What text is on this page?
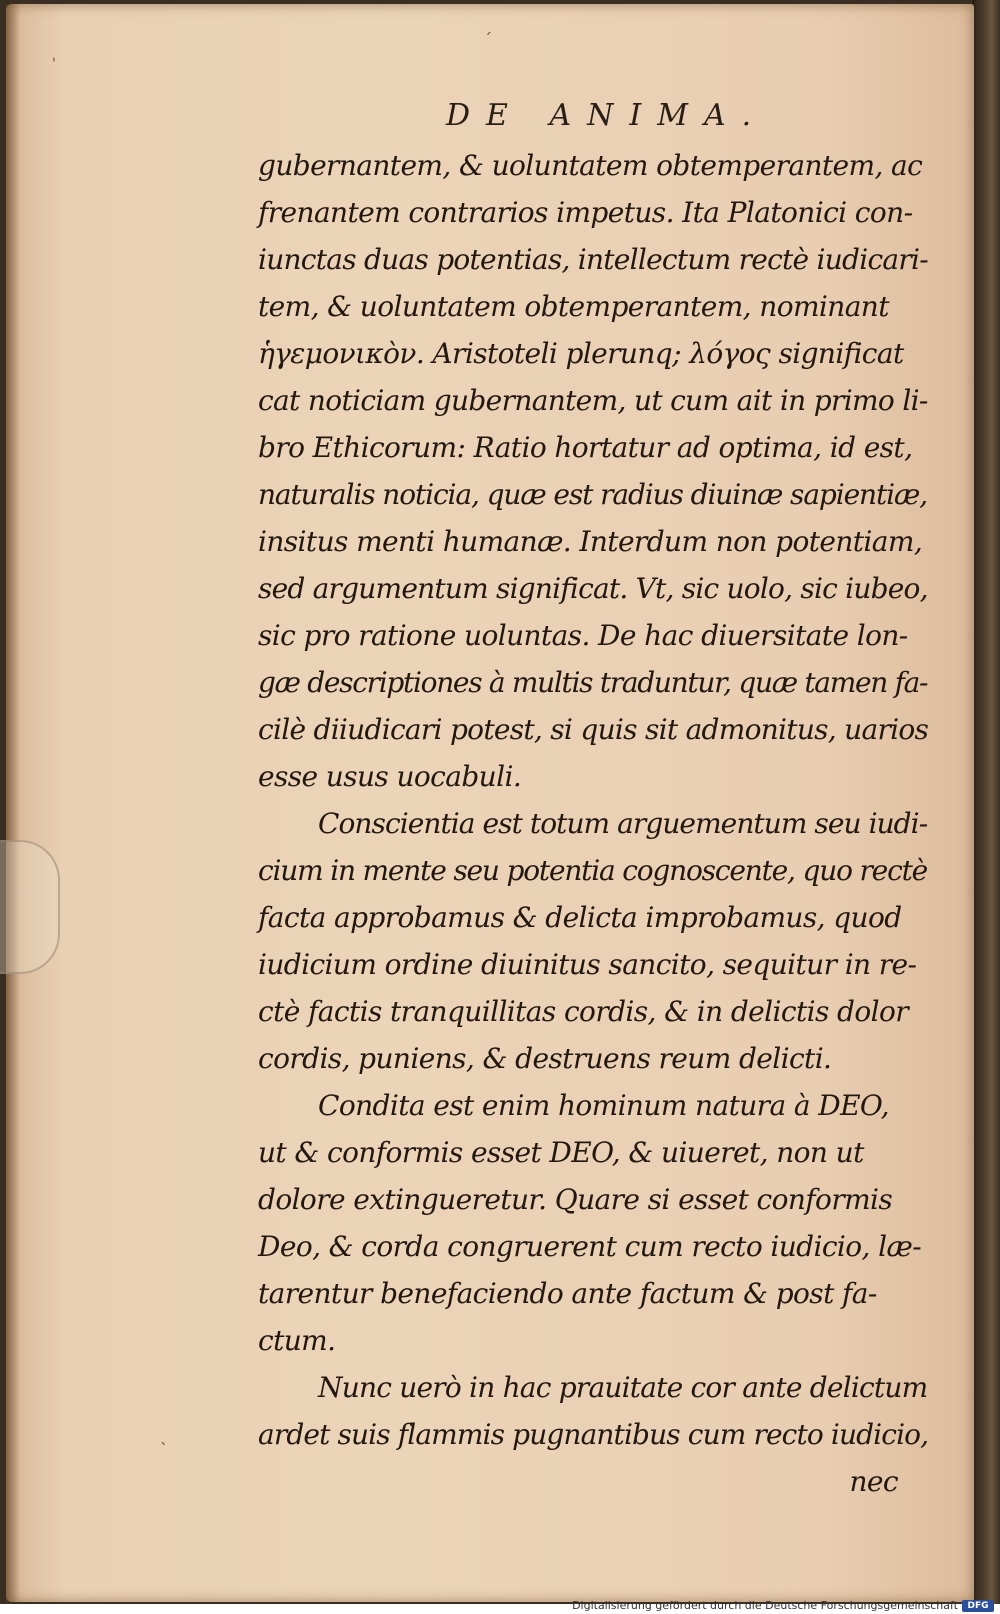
'
ˊ
ˋ
DE ANIMA.
gubernantem, & uoluntatem obtemperantem, ac
frenantem contrarios impetus. Ita Platonici con-
iunctas duas potentias, intellectum rectè iudicari-
tem, & uoluntatem obtemperantem, nominant
ἡγεμονικὸν. Aristoteli plerunq; λόγος significat
cat noticiam gubernantem, ut cum ait in primo li-
bro Ethicorum: Ratio hortatur ad optima, id est,
naturalis noticia, quæ est radius diuinæ sapientiæ,
insitus menti humanæ. Interdum non potentiam,
sed argumentum significat. Vt, sic uolo, sic iubeo,
sic pro ratione uoluntas. De hac diuersitate lon-
gæ descriptiones à multis traduntur, quæ tamen fa-
cilè diiudicari potest, si quis sit admonitus, uarios
esse usus uocabuli.
Conscientia est totum arguementum seu iudi-
cium in mente seu potentia cognoscente, quo rectè
facta approbamus & delicta improbamus, quod
iudicium ordine diuinitus sancito, sequitur in re-
ctè factis tranquillitas cordis, & in delictis dolor
cordis, puniens, & destruens reum delicti.
Condita est enim hominum natura à DEO,
ut & conformis esset DEO, & uiueret, non ut
dolore extingueretur. Quare si esset conformis
Deo, & corda congruerent cum recto iudicio, læ-
tarentur benefaciendo ante factum & post fa-
ctum.
Nunc uerò in hac prauitate cor ante delictum
ardet suis flammis pugnantibus cum recto iudicio,
nec
Digitalisierung gefördert durch die Deutsche Forschungsgemeinschaft	DFG
